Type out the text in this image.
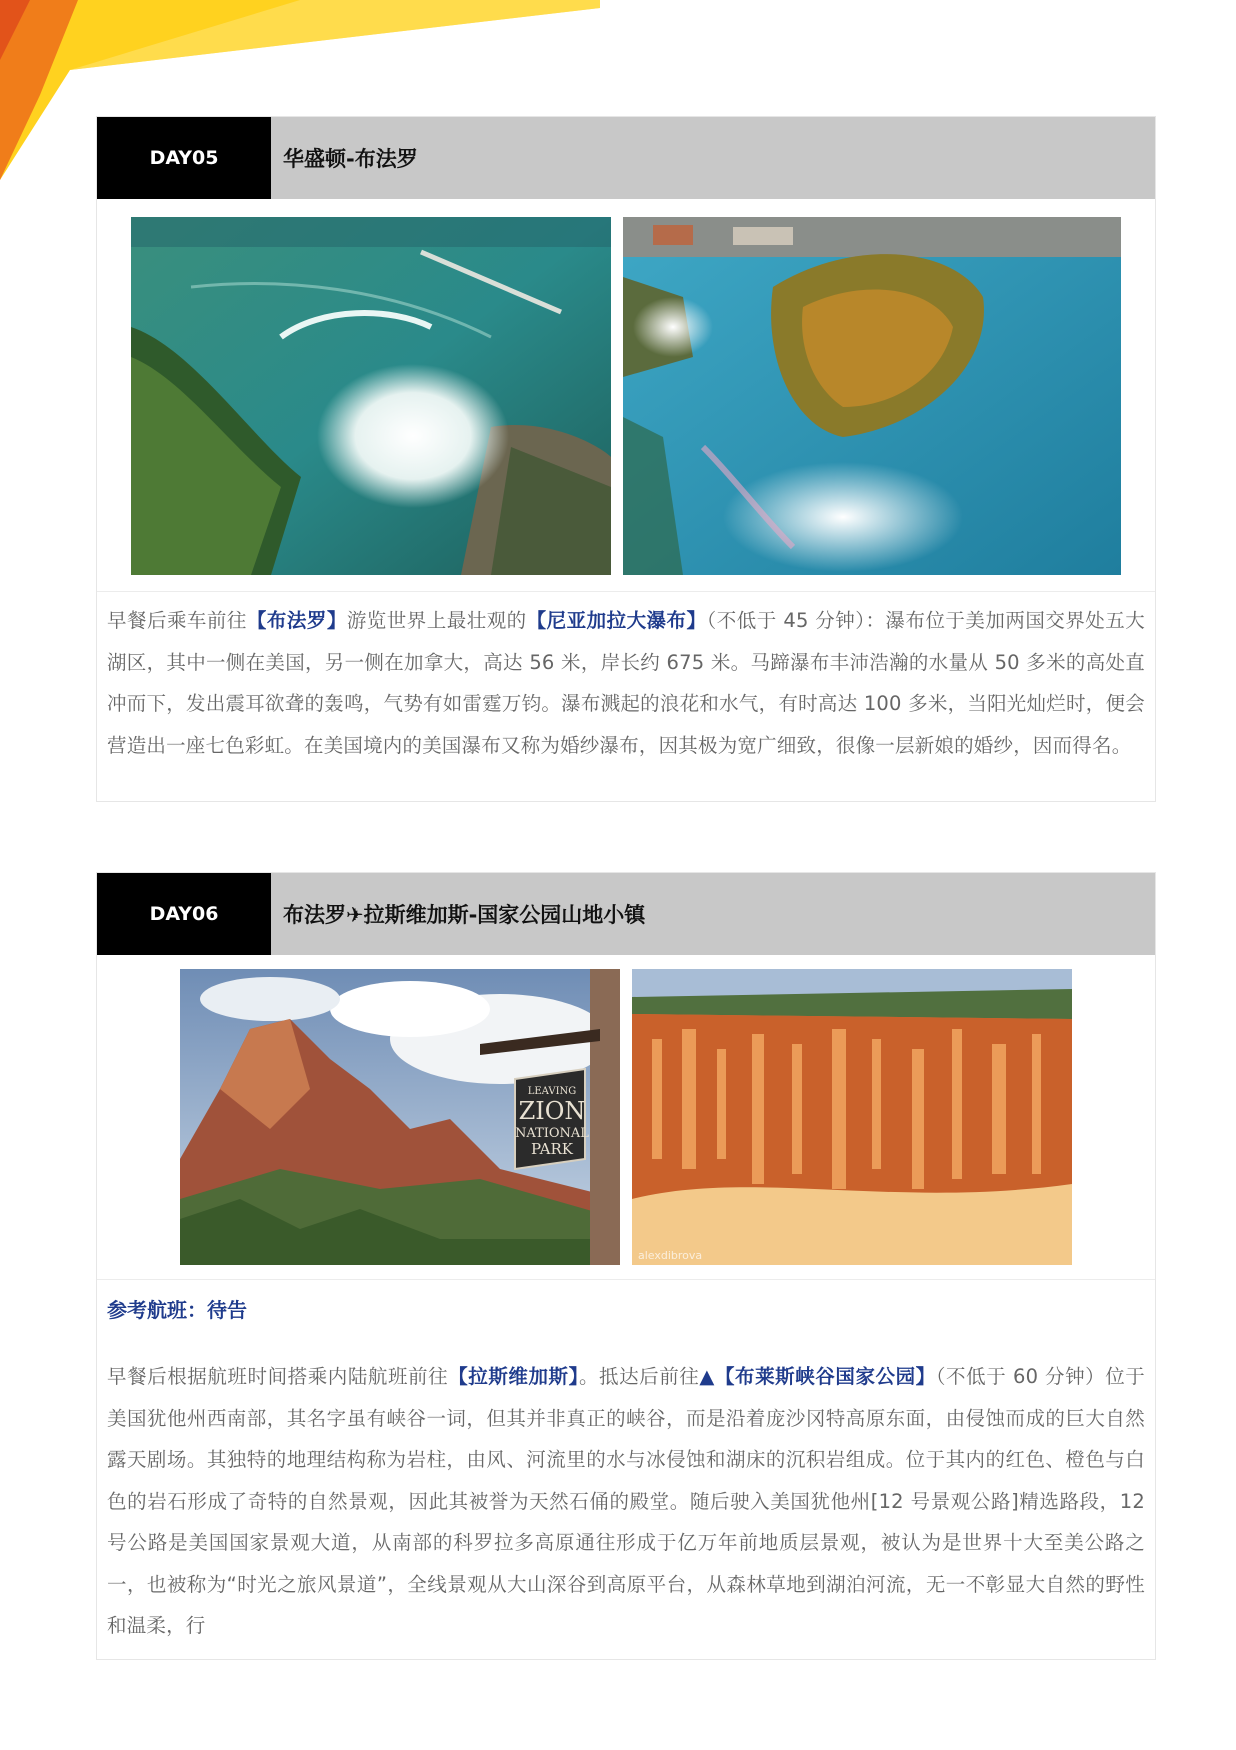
DAY05	华盛顿-布法罗

早餐后乘车前往【布法罗】游览世界上最壮观的【尼亚加拉大瀑布】（不低于 45 分钟）：瀑布位于美加两国交界处五大湖区，其中一侧在美国，另一侧在加拿大，高达 56 米，岸长约 675 米。马蹄瀑布丰沛浩瀚的水量从 50 多米的高处直冲而下，发出震耳欲聋的轰鸣，气势有如雷霆万钧。瀑布溅起的浪花和水气，有时高达 100 多米，当阳光灿烂时，便会营造出一座七色彩虹。在美国境内的美国瀑布又称为婚纱瀑布，因其极为宽广细致，很像一层新娘的婚纱，因而得名。

DAY06	布法罗✈拉斯维加斯-国家公园山地小镇
LEAVING
ZION
NATIONAL
PARK
alexdibrova
参考航班：待告

早餐后根据航班时间搭乘内陆航班前往【拉斯维加斯】。抵达后前往▲【布莱斯峡谷国家公园】（不低于 60 分钟）位于美国犹他州西南部，其名字虽有峡谷一词，但其并非真正的峡谷，而是沿着庞沙冈特高原东面，由侵蚀而成的巨大自然露天剧场。其独特的地理结构称为岩柱，由风、河流里的水与冰侵蚀和湖床的沉积岩组成。位于其内的红色、橙色与白色的岩石形成了奇特的自然景观，因此其被誉为天然石俑的殿堂。随后驶入美国犹他州[12 号景观公路]精选路段，12 号公路是美国国家景观大道，从南部的科罗拉多高原通往形成于亿万年前地质层景观，被认为是世界十大至美公路之一，也被称为“时光之旅风景道”，全线景观从大山深谷到高原平台，从森林草地到湖泊河流，无一不彰显大自然的野性和温柔，行
